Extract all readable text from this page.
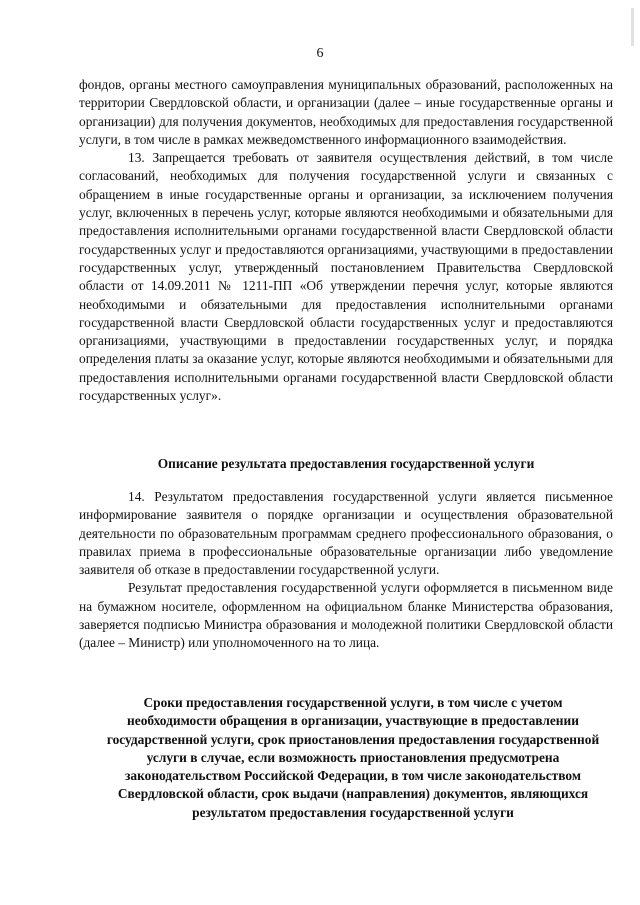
6

фондов, органы местного самоуправления муниципальных образований, расположенных на территории Свердловской области, и организации (далее – иные государственные органы и организации) для получения документов, необходимых для предоставления государственной услуги, в том числе в рамках межведомственного информационного взаимодействия.

13. Запрещается требовать от заявителя осуществления действий, в том числе согласований, необходимых для получения государственной услуги и связанных с обращением в иные государственные органы и организации, за исключением получения услуг, включенных в перечень услуг, которые являются необходимыми и обязательными для предоставления исполнительными органами государственной власти Свердловской области государственных услуг и предоставляются организациями, участвующими в предоставлении государственных услуг, утвержденный постановлением Правительства Свердловской области от 14.09.2011 № 1211-ПП «Об утверждении перечня услуг, которые являются необходимыми и обязательными для предоставления исполнительными органами государственной власти Свердловской области государственных услуг и предоставляются организациями, участвующими в предоставлении государственных услуг, и порядка определения платы за оказание услуг, которые являются необходимыми и обязательными для предоставления исполнительными органами государственной власти Свердловской области государственных услуг».

Описание результата предоставления государственной услуги

14. Результатом предоставления государственной услуги является письменное информирование заявителя о порядке организации и осуществления образовательной деятельности по образовательным программам среднего профессионального образования, о правилах приема в профессиональные образовательные организации либо уведомление заявителя об отказе в предоставлении государственной услуги.

Результат предоставления государственной услуги оформляется в письменном виде на бумажном носителе, оформленном на официальном бланке Министерства образования, заверяется подписью Министра образования и молодежной политики Свердловской области (далее – Министр) или уполномоченного на то лица.

Сроки предоставления государственной услуги, в том числе с учетом необходимости обращения в организации, участвующие в предоставлении государственной услуги, срок приостановления предоставления государственной услуги в случае, если возможность приостановления предусмотрена законодательством Российской Федерации, в том числе законодательством Свердловской области, срок выдачи (направления) документов, являющихся результатом предоставления государственной услуги
